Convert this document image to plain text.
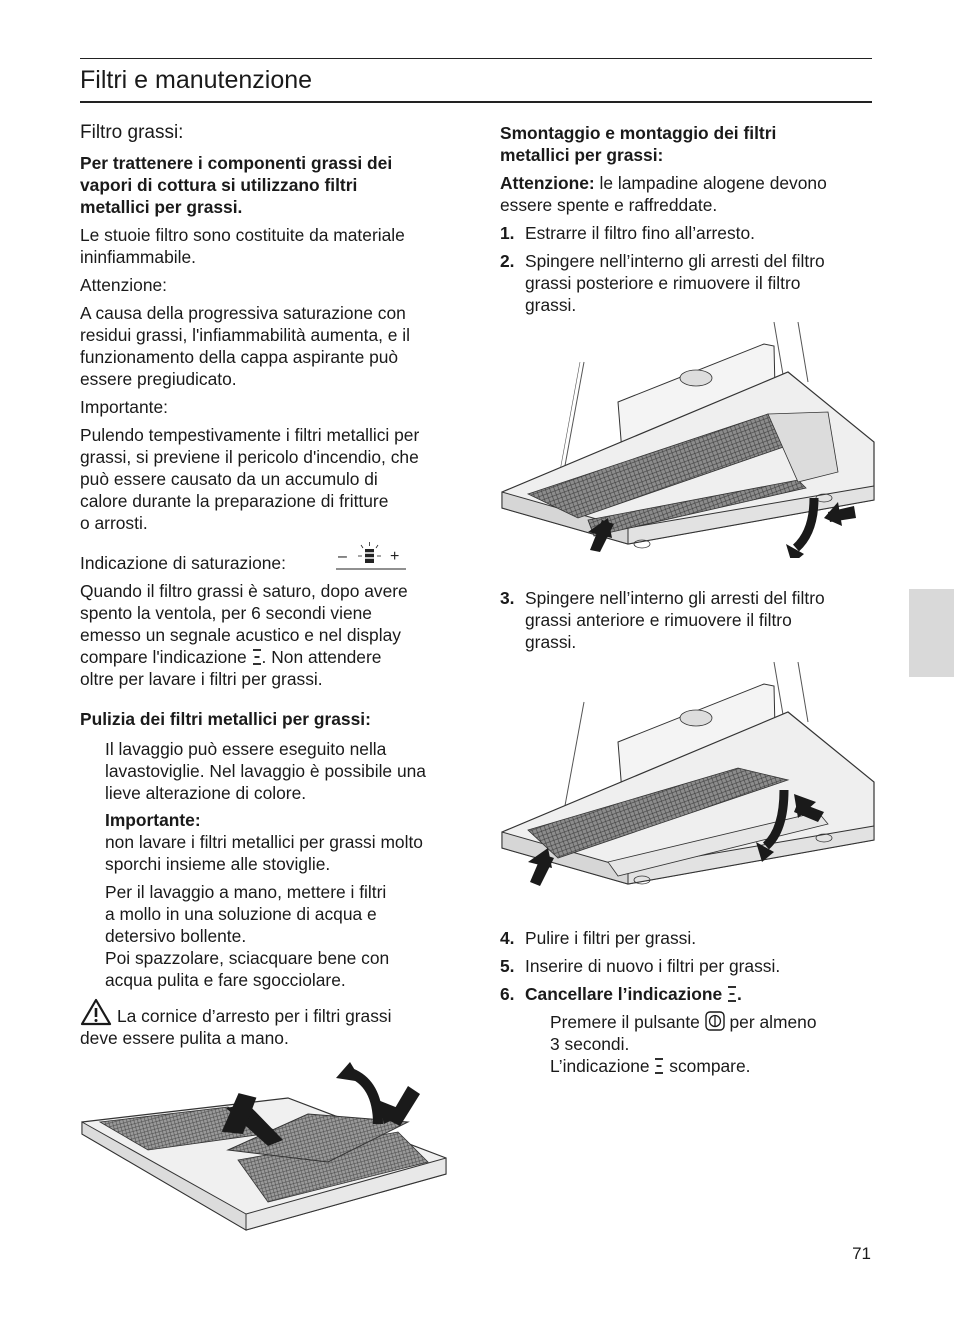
Filtri e manutenzione
Filtro grassi:
Per trattenere i componenti grassi dei
vapori di cottura si utilizzano filtri
metallici per grassi.
Le stuoie filtro sono costituite da materiale
ininfiammabile.
Attenzione:
A causa della progressiva saturazione con
residui grassi, l'infiammabilità aumenta, e il
funzionamento della cappa aspirante può
essere pregiudicato.
Importante:
Pulendo tempestivamente i filtri metallici per
grassi, si previene il pericolo d'incendio, che
può essere causato da un accumulo di
calore durante la preparazione di fritture
o arrosti.
Indicazione di saturazione:	–	+
Quando il filtro grassi è saturo, dopo avere
spento la ventola, per 6 secondi viene
emesso un segnale acustico e nel display
compare l'indicazione . Non attendere
oltre per lavare i filtri per grassi.
Pulizia dei filtri metallici per grassi:
Il lavaggio può essere eseguito nella
lavastoviglie. Nel lavaggio è possibile una
lieve alterazione di colore.
Importante:
non lavare i filtri metallici per grassi molto
sporchi insieme alle stoviglie.
Per il lavaggio a mano, mettere i filtri
a mollo in una soluzione di acqua e
detersivo bollente.
Poi spazzolare, sciacquare bene con
acqua pulita e fare sgocciolare.
La cornice d’arresto per i filtri grassi
deve essere pulita a mano.
Smontaggio e montaggio dei filtri
metallici per grassi:
Attenzione: le lampadine alogene devono
essere spente e raffreddate.
1. Estrarre il filtro fino all’arresto.
2. Spingere nell’interno gli arresti del filtro
grassi posteriore e rimuovere il filtro
grassi.
3. Spingere nell’interno gli arresti del filtro
grassi anteriore e rimuovere il filtro
grassi.
4. Pulire i filtri per grassi.
5. Inserire di nuovo i filtri per grassi.
6. Cancellare l’indicazione .
Premere il pulsante per almeno
3 secondi.
L’indicazione scompare.
71
